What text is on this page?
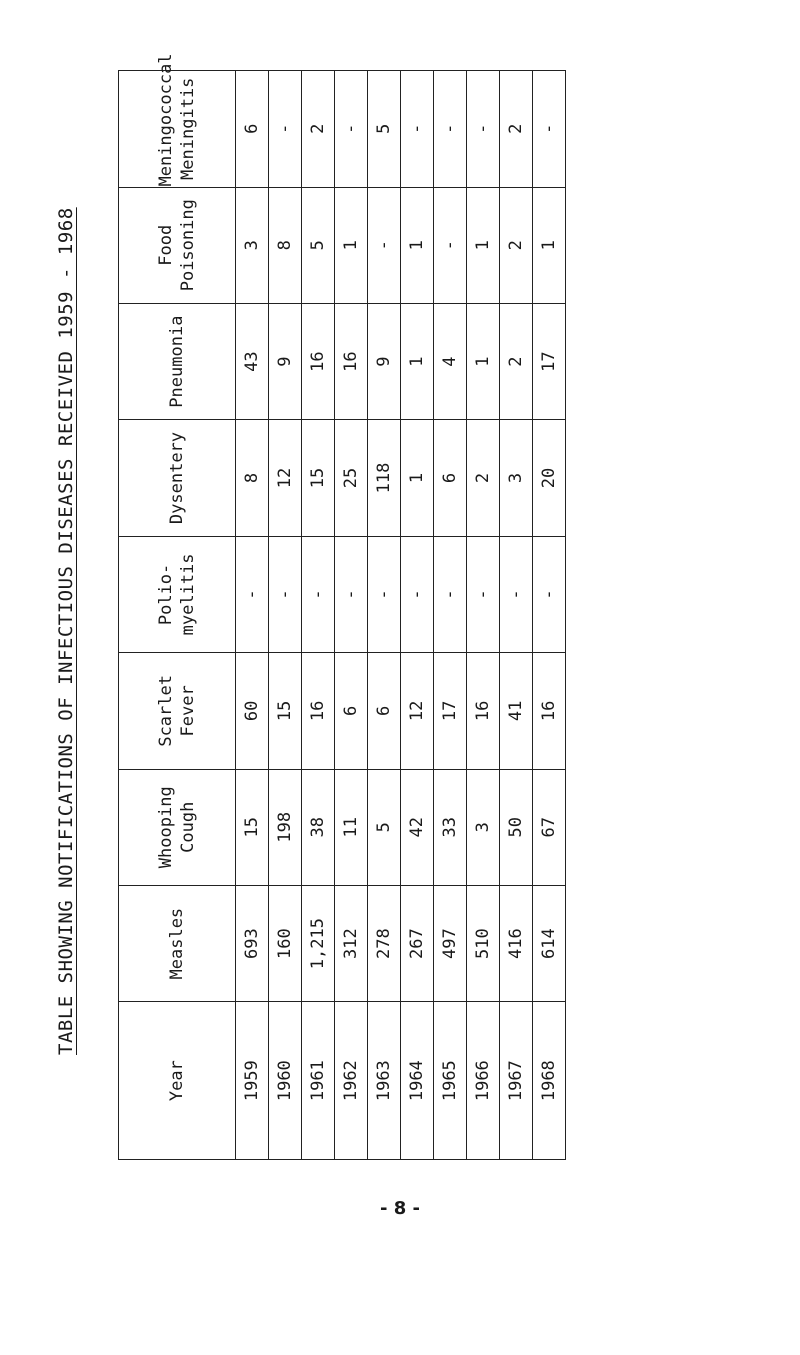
TABLE SHOWING NOTIFICATIONS OF INFECTIOUS DISEASES RECEIVED 1959 - 1968
Year	Measles	Whooping Cough	Scarlet Fever	Polio- myelitis	Dysentery	Pneumonia	Food Poisoning	Meningococcal Meningitis
1959	693	15	60	-	8	43	3	6
1960	160	198	15	-	12	9	8	-
1961	1,215	38	16	-	15	16	5	2
1962	312	11	6	-	25	16	1	-
1963	278	5	6	-	118	9	-	5
1964	267	42	12	-	1	1	1	-
1965	497	33	17	-	6	4	-	-
1966	510	3	16	-	2	1	1	-
1967	416	50	41	-	3	2	2	2
1968	614	67	16	-	20	17	1	-
- 8 -
